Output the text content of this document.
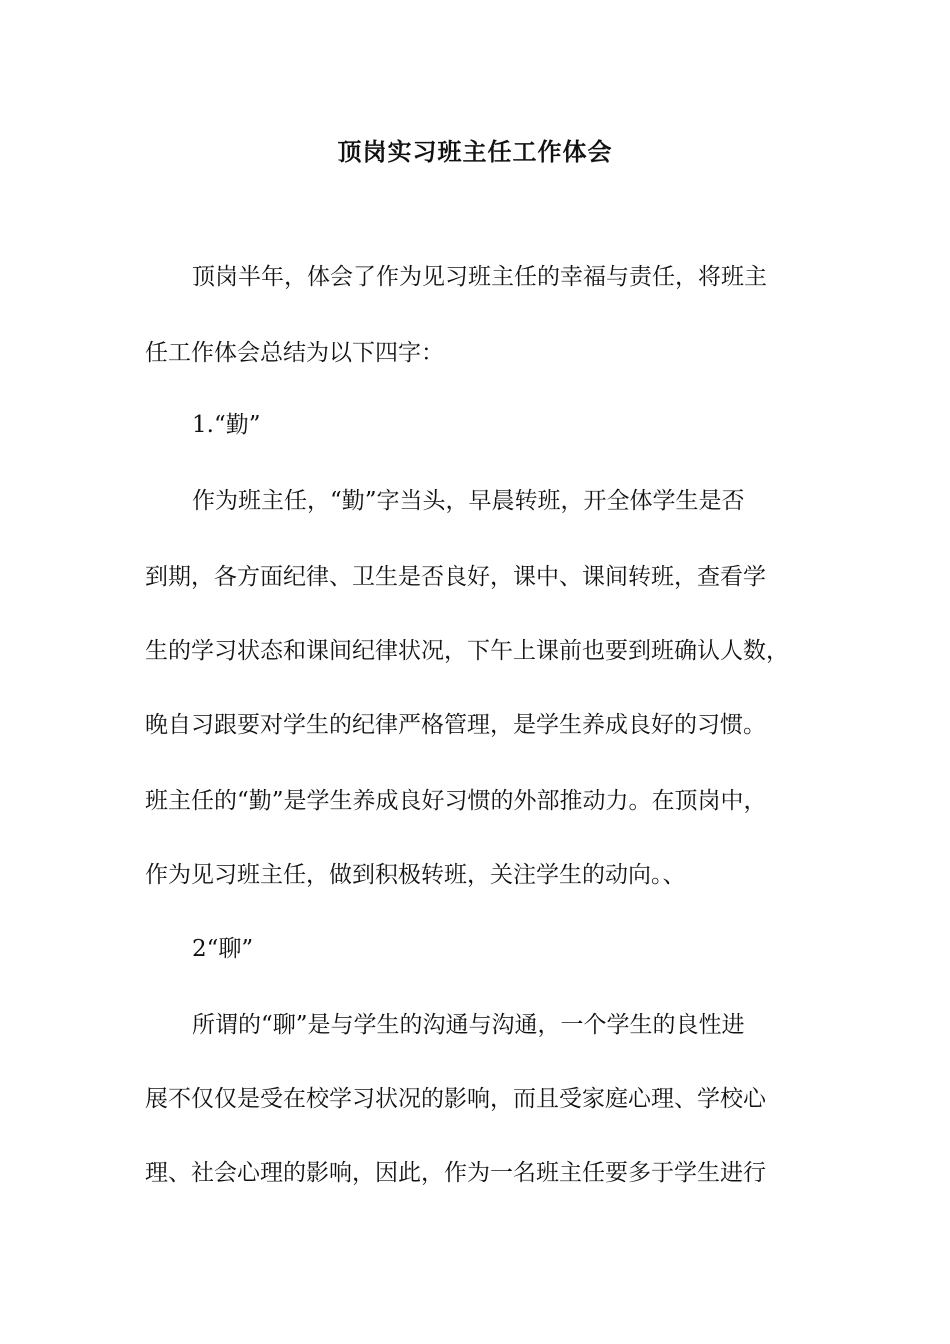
顶岗实习班主任工作体会
顶岗半年，体会了作为见习班主任的幸福与责任，将班主
任工作体会总结为以下四字：
1.“勤”
作为班主任，“勤”字当头，早晨转班，开全体学生是否
到期，各方面纪律、卫生是否良好，课中、课间转班，查看学
生的学习状态和课间纪律状况，下午上课前也要到班确认人数，
晚自习跟要对学生的纪律严格管理，是学生养成良好的习惯。
班主任的“勤”是学生养成良好习惯的外部推动力。在顶岗中，
作为见习班主任，做到积极转班，关注学生的动向。、
2“聊”
所谓的“聊”是与学生的沟通与沟通，一个学生的良性进
展不仅仅是受在校学习状况的影响，而且受家庭心理、学校心
理、社会心理的影响，因此，作为一名班主任要多于学生进行
